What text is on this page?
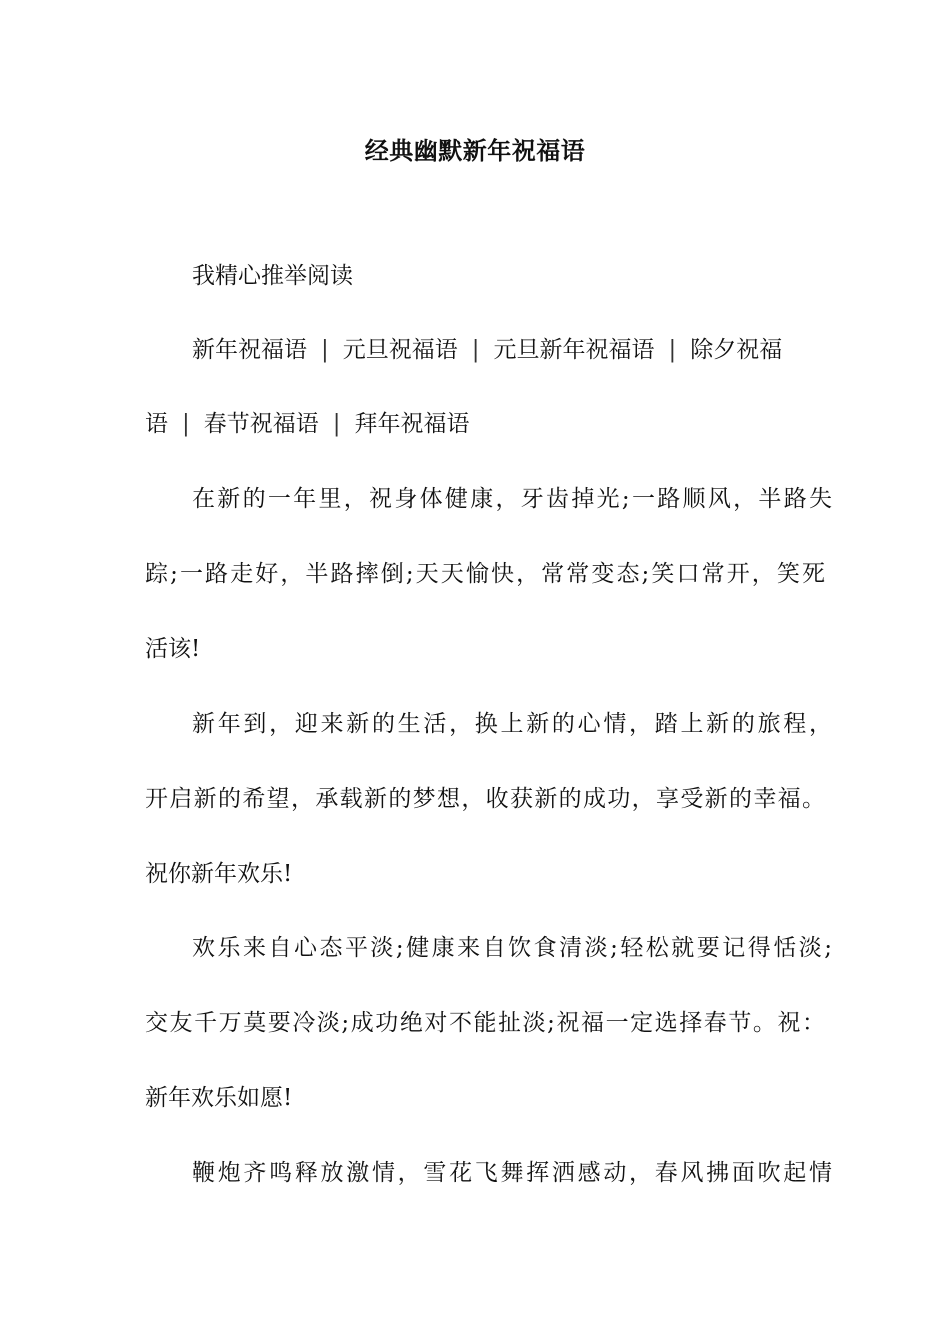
经典幽默新年祝福语

我精心推举阅读

新年祝福语 | 元旦祝福语 | 元旦新年祝福语 | 除夕祝福

语 | 春节祝福语 | 拜年祝福语

在新的一年里，祝身体健康，牙齿掉光;一路顺风，半路失

踪;一路走好，半路摔倒;天天愉快，常常变态;笑口常开，笑死

活该!

新年到，迎来新的生活，换上新的心情，踏上新的旅程，

开启新的希望，承载新的梦想，收获新的成功，享受新的幸福。

祝你新年欢乐!

欢乐来自心态平淡;健康来自饮食清淡;轻松就要记得恬淡;

交友千万莫要冷淡;成功绝对不能扯淡;祝福一定选择春节。祝：

新年欢乐如愿!

鞭炮齐鸣释放激情，雪花飞舞挥洒感动，春风拂面吹起情
